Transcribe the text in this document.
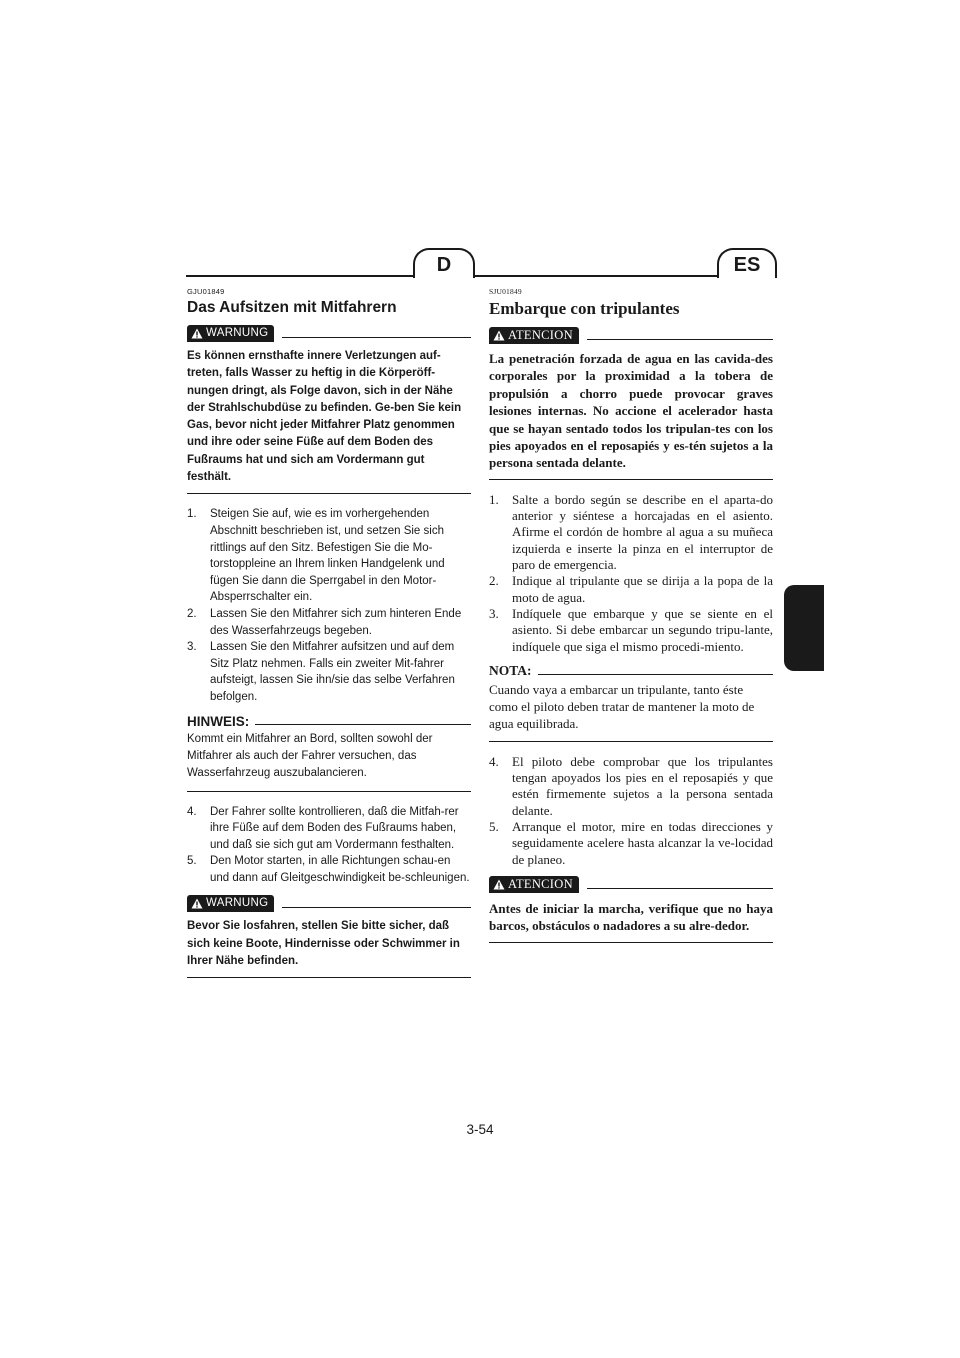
D	ES

GJU01849

Das Aufsitzen mit Mitfahrern
WARNUNG

Es können ernsthafte innere Verletzungen auf-treten, falls Wasser zu heftig in die Körperöff-nungen dringt, als Folge davon, sich in der Nähe der Strahlschubdüse zu befinden. Ge-ben Sie kein Gas, bevor nicht jeder Mitfahrer Platz genommen und ihre oder seine Füße auf dem Boden des Fußraums hat und sich am Vordermann gut festhält.

1. Steigen Sie auf, wie es im vorhergehenden Abschnitt beschrieben ist, und setzen Sie sich rittlings auf den Sitz. Befestigen Sie die Mo-torstoppleine an Ihrem linken Handgelenk und fügen Sie dann die Sperrgabel in den Motor-Absperrschalter ein.
2. Lassen Sie den Mitfahrer sich zum hinteren Ende des Wasserfahrzeugs begeben.
3. Lassen Sie den Mitfahrer aufsitzen und auf dem Sitz Platz nehmen. Falls ein zweiter Mit-fahrer aufsteigt, lassen Sie ihn/sie das selbe Verfahren befolgen.
HINWEIS:

Kommt ein Mitfahrer an Bord, sollten sowohl der Mitfahrer als auch der Fahrer versuchen, das Wasserfahrzeug auszubalancieren.

4. Der Fahrer sollte kontrollieren, daß die Mitfah-rer ihre Füße auf dem Boden des Fußraums haben, und daß sie sich gut am Vordermann festhalten.
5. Den Motor starten, in alle Richtungen schau-en und dann auf Gleitgeschwindigkeit be-schleunigen.
WARNUNG

Bevor Sie losfahren, stellen Sie bitte sicher, daß sich keine Boote, Hindernisse oder Schwimmer in Ihrer Nähe befinden.

SJU01849

Embarque con tripulantes
ATENCION

La penetración forzada de agua en las cavida-des corporales por la proximidad a la tobera de propulsión a chorro puede provocar graves lesiones internas. No accione el acelerador hasta que se hayan sentado todos los tripulan-tes con los pies apoyados en el reposapiés y es-tén sujetos a la persona sentada delante.

1. Salte a bordo según se describe en el aparta-do anterior y siéntese a horcajadas en el asiento. Afirme el cordón de hombre al agua a su muñeca izquierda e inserte la pinza en el interruptor de paro de emergencia.
2. Indique al tripulante que se dirija a la popa de la moto de agua.
3. Indíquele que embarque y que se siente en el asiento. Si debe embarcar un segundo tripu-lante, indíquele que siga el mismo procedi-miento.
NOTA:

Cuando vaya a embarcar un tripulante, tanto éste como el piloto deben tratar de mantener la moto de agua equilibrada.

4. El piloto debe comprobar que los tripulantes tengan apoyados los pies en el reposapiés y que estén firmemente sujetos a la persona sentada delante.
5. Arranque el motor, mire en todas direcciones y seguidamente acelere hasta alcanzar la ve-locidad de planeo.
ATENCION

Antes de iniciar la marcha, verifique que no haya barcos, obstáculos o nadadores a su alre-dedor.

3-54
